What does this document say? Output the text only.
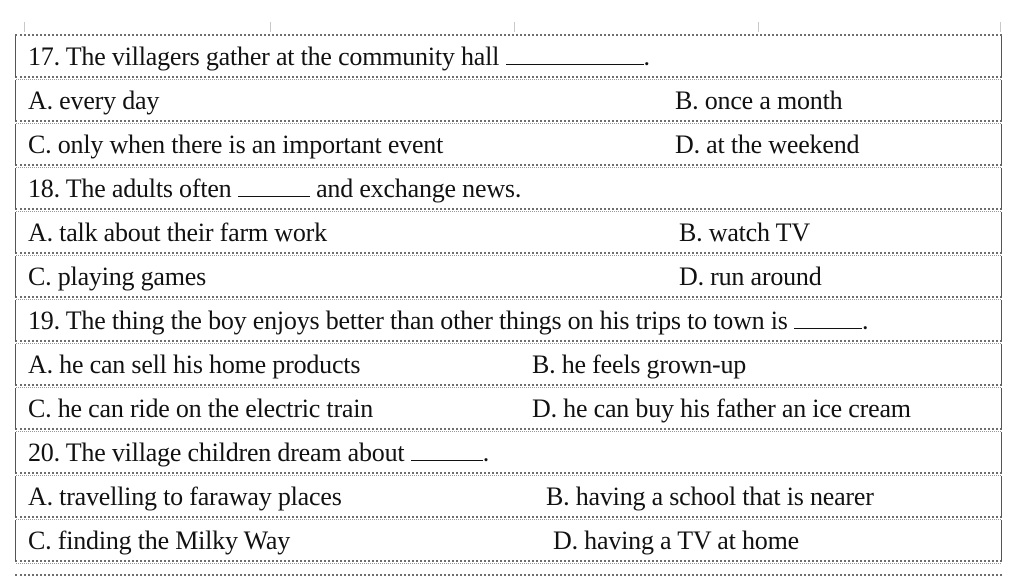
17. The villagers gather at the community hall	.
A. every day	B. once a month
C. only when there is an important event	D. at the weekend
18. The adults often	and exchange news.
A. talk about their farm work	B. watch TV
C. playing games	D. run around
19. The thing the boy enjoys better than other things on his trips to town is	.
A. he can sell his home products	B. he feels grown-up
C. he can ride on the electric train	D. he can buy his father an ice cream
20. The village children dream about	.
A. travelling to faraway places	B. having a school that is nearer
C. finding the Milky Way	D. having a TV at home
